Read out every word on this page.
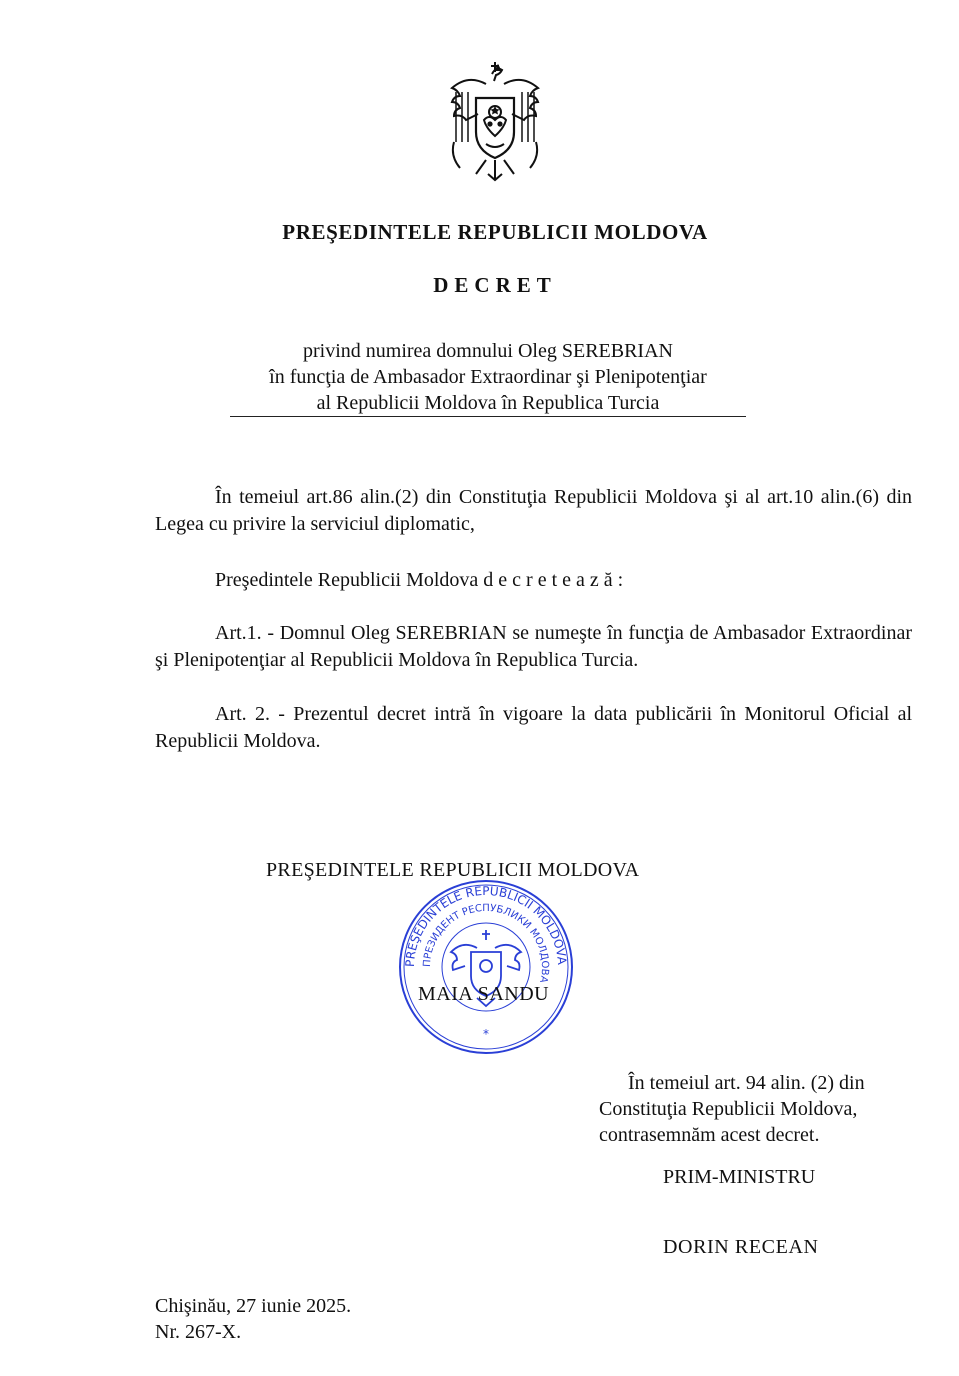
PREŞEDINTELE REPUBLICII MOLDOVA
DECRET
privind numirea domnului Oleg SEREBRIAN
în funcţia de Ambasador Extraordinar şi Plenipotenţiar
al Republicii Moldova în Republica Turcia
În temeiul art.86 alin.(2) din Constituţia Republicii Moldova şi al art.10 alin.(6) din Legea cu privire la serviciul diplomatic,
Preşedintele Republicii Moldova decretează:
Art.1. - Domnul Oleg SEREBRIAN se numeşte în funcţia de Ambasador Extraordinar şi Plenipotenţiar al Republicii Moldova în Republica Turcia.
Art. 2. - Prezentul decret intră în vigoare la data publicării în Monitorul Oficial al Republicii Moldova.
PREŞEDINTELE REPUBLICII MOLDOVA
PREŞEDINTELE REPUBLICII MOLDOVA
ПРЕЗИДЕНТ РЕСПУБЛИКИ МОЛДОВА
*
MAIA SANDU
În temeiul art. 94 alin. (2) din
Constituţia Republicii Moldova,
contrasemnăm acest decret.
PRIM-MINISTRU
DORIN RECEAN
Chişinău, 27 iunie 2025.
Nr. 267-X.
